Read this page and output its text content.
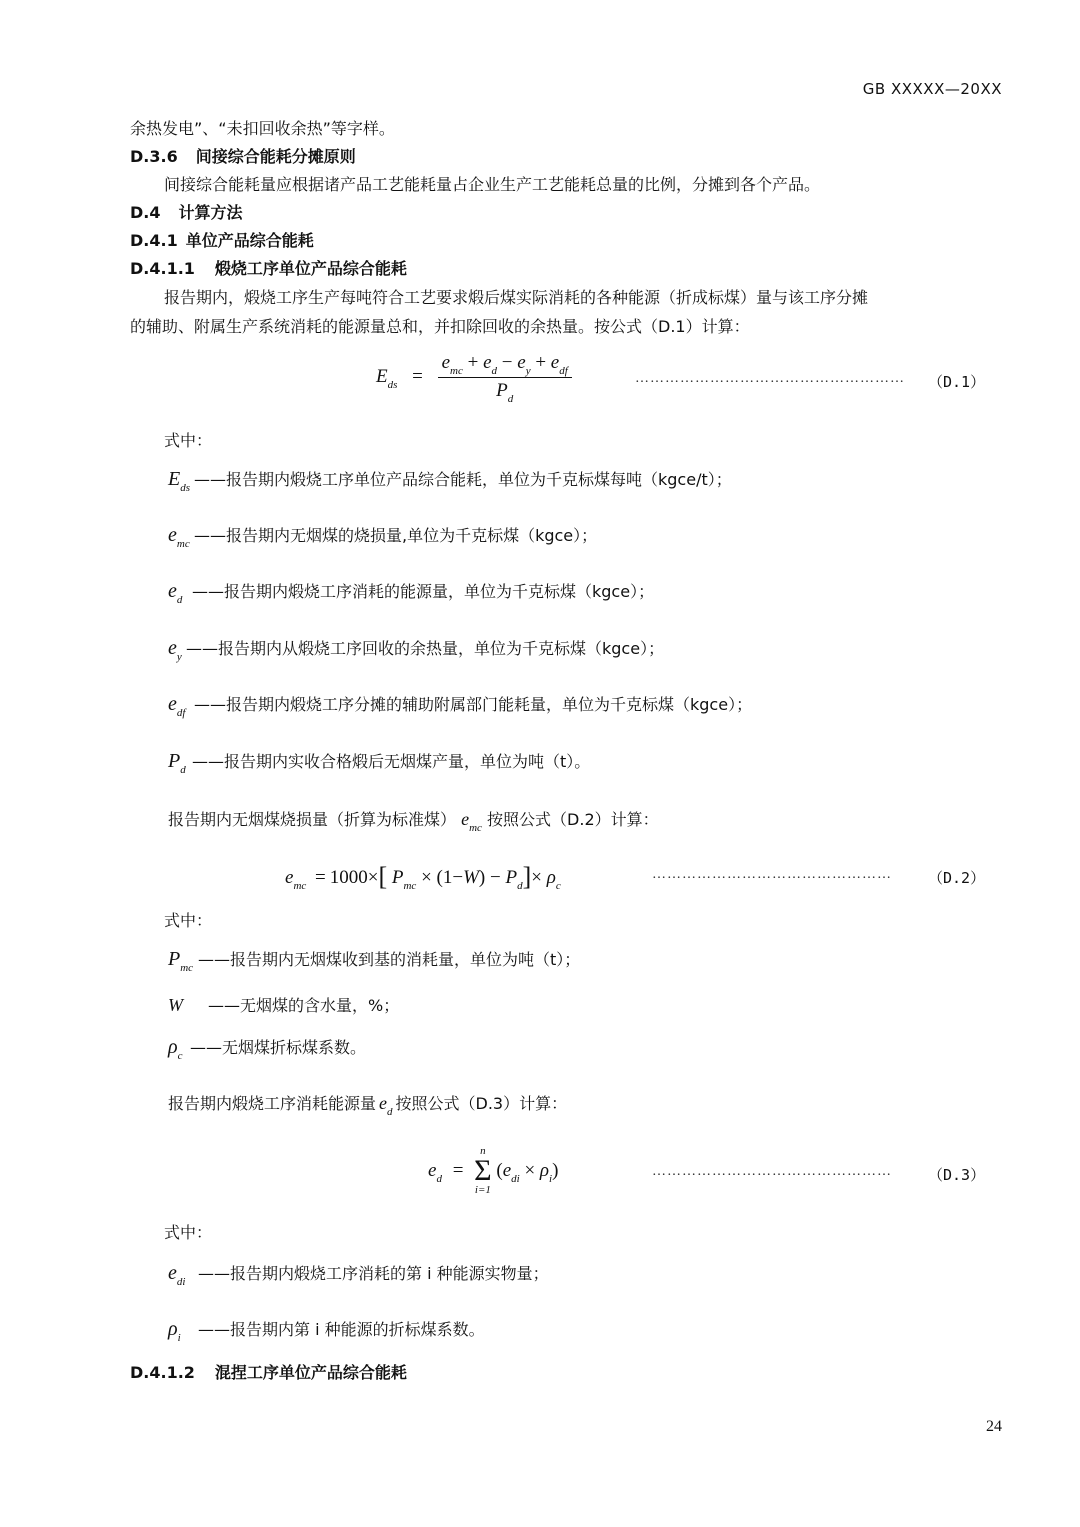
GB XXXXX—20XX
余热发电”、“未扣回收余热”等字样。
D.3.6 间接综合能耗分摊原则
间接综合能耗量应根据诸产品工艺能耗量占企业生产工艺能耗总量的比例，分摊到各个产品。
D.4 计算方法
D.4.1 单位产品综合能耗
D.4.1.1 煅烧工序单位产品综合能耗
报告期内，煅烧工序生产每吨符合工艺要求煅后煤实际消耗的各种能源（折成标煤）量与该工序分摊
的辅助、附属生产系统消耗的能源量总和，并扣除回收的余热量。按公式（D.1）计算：
$E_{ds} = \frac{e_{mc} + e_d - e_y + e_{df}}{P_d}$	……………………………………………… （D.1）
式中：
$E_{ds}$ ——报告期内煅烧工序单位产品综合能耗，单位为千克标煤每吨（kgce/t）；
$e_{mc}$ ——报告期内无烟煤的烧损量,单位为千克标煤（kgce）；
$e_d$ ——报告期内煅烧工序消耗的能源量，单位为千克标煤（kgce）；
$e_y$ ——报告期内从煅烧工序回收的余热量，单位为千克标煤（kgce）；
$e_{df}$ ——报告期内煅烧工序分摊的辅助附属部门能耗量，单位为千克标煤（kgce）；
$P_d$ ——报告期内实收合格煅后无烟煤产量，单位为吨（t）。
报告期内无烟煤烧损量（折算为标准煤） $e_{mc}$ 按照公式（D.2）计算：
$e_{mc} = 1000\times$[ $P_{mc} \times (1-W) - P_d]\times \rho_c$
………………………………………… （D.2）
式中：
$P_{mc}$ ——报告期内无烟煤收到基的消耗量，单位为吨（t）；
W ——无烟煤的含水量，%；
$\rho_c$ ——无烟煤折标煤系数。
报告期内煅烧工序消耗能源量 $e_d$ 按照公式（D.3）计算：
$e_d$ =
n
Σ
i=1
$(e_{di} \times \rho_i)$	………………………………………… （D.3）
式中：
$e_{di}$ ——报告期内煅烧工序消耗的第 i 种能源实物量；
$\rho_i$ ——报告期内第 i 种能源的折标煤系数。
D.4.1.2 混捏工序单位产品综合能耗
24
